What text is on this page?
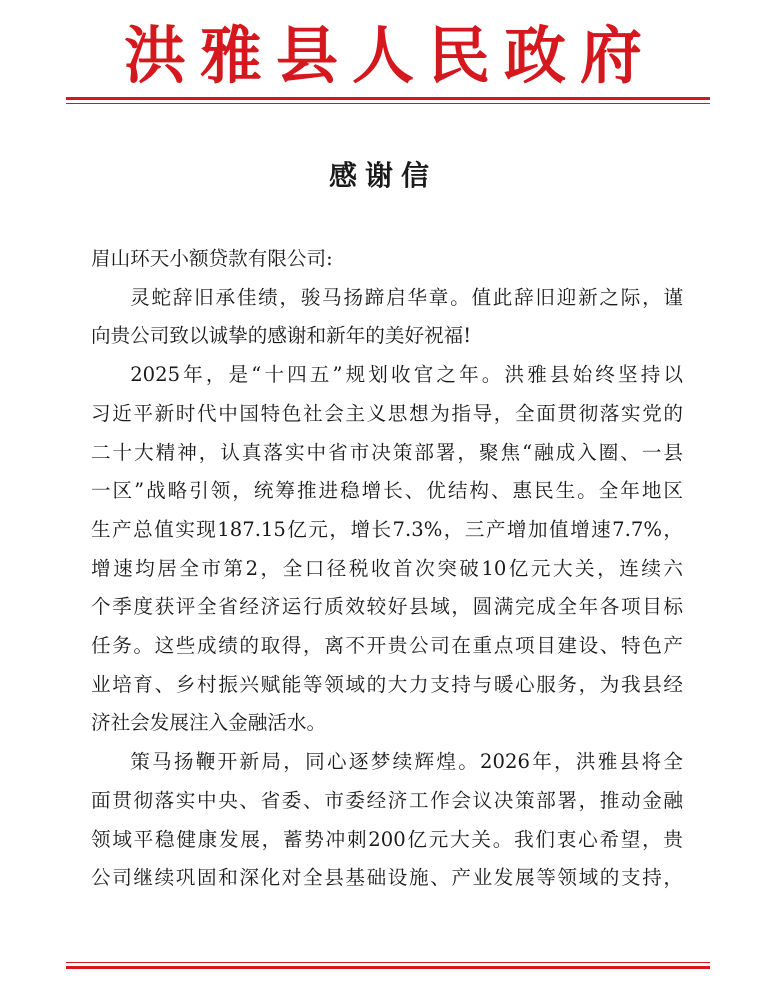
洪雅县人民政府
感谢信

眉山环天小额贷款有限公司:

灵蛇辞旧承佳绩，骏马扬蹄启华章。值此辞旧迎新之际，谨

向贵公司致以诚挚的感谢和新年的美好祝福!

2025年，是“十四五”规划收官之年。洪雅县始终坚持以

习近平新时代中国特色社会主义思想为指导，全面贯彻落实党的

二十大精神，认真落实中省市决策部署，聚焦“融成入圈、一县

一区”战略引领，统筹推进稳增长、优结构、惠民生。全年地区

生产总值实现187.15亿元，增长7.3%，三产增加值增速7.7%，

增速均居全市第2，全口径税收首次突破10亿元大关，连续六

个季度获评全省经济运行质效较好县域，圆满完成全年各项目标

任务。这些成绩的取得，离不开贵公司在重点项目建设、特色产

业培育、乡村振兴赋能等领域的大力支持与暖心服务，为我县经

济社会发展注入金融活水。

策马扬鞭开新局，同心逐梦续辉煌。2026年，洪雅县将全

面贯彻落实中央、省委、市委经济工作会议决策部署，推动金融

领域平稳健康发展，蓄势冲刺200亿元大关。我们衷心希望，贵

公司继续巩固和深化对全县基础设施、产业发展等领域的支持，
